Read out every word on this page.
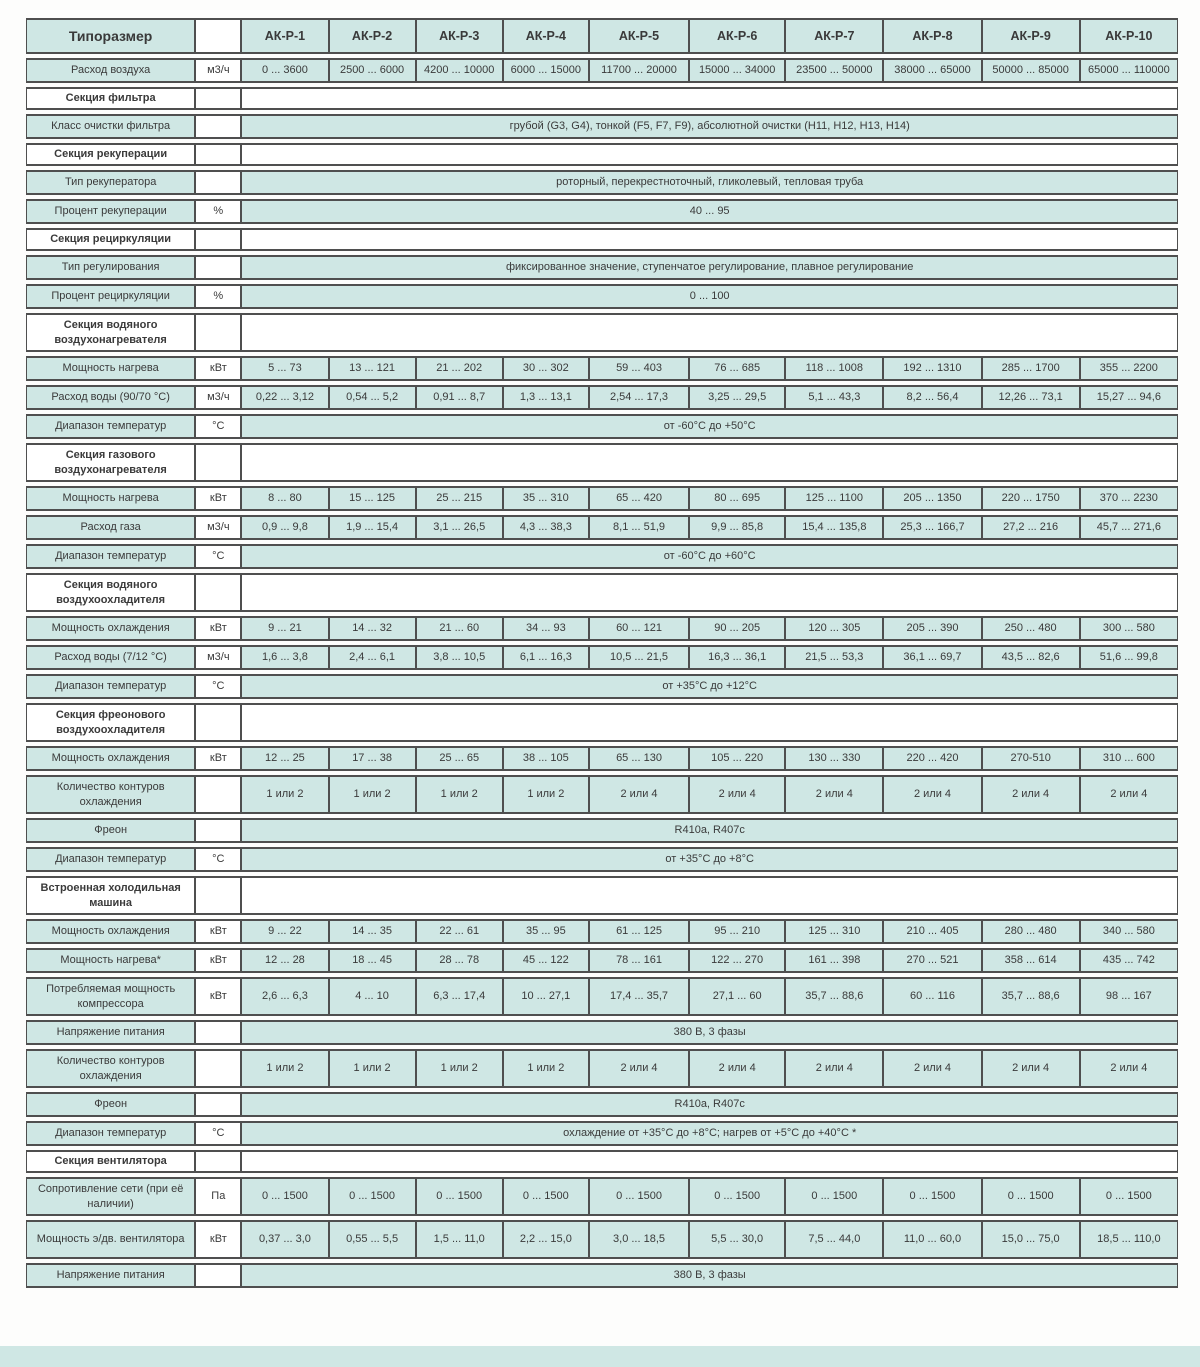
Типоразмер		АК-Р-1	АК-Р-2	АК-Р-3	АК-Р-4	АК-Р-5	АК-Р-6	АК-Р-7	АК-Р-8	АК-Р-9	АК-Р-10
Расход воздуха	м3/ч	0 ... 3600	2500 ... 6000	4200 ... 10000	6000 ... 15000	11700 ... 20000	15000 ... 34000	23500 ... 50000	38000 ... 65000	50000 ... 85000	65000 ... 110000
Секция фильтра											
Класс очистки фильтра		грубой (G3, G4), тонкой (F5, F7, F9), абсолютной очистки (H11, H12, H13, H14)									
Секция рекуперации											
Тип рекуператора		роторный, перекрестноточный, гликолевый, тепловая труба									
Процент рекуперации	%	40 ... 95									
Секция рециркуляции											
Тип регулирования		фиксированное значение, ступенчатое регулирование, плавное регулирование									
Процент рециркуляции	%	0 ... 100									
Секция водяного воздухонагревателя											
Мощность нагрева	кВт	5 ... 73	13 ... 121	21 ... 202	30 ... 302	59 ... 403	76 ... 685	118 ... 1008	192 ... 1310	285 ... 1700	355 ... 2200
Расход воды (90/70 °С)	м3/ч	0,22 ... 3,12	0,54 ... 5,2	0,91 ... 8,7	1,3 ... 13,1	2,54 ... 17,3	3,25 ... 29,5	5,1 ... 43,3	8,2 ... 56,4	12,26 ... 73,1	15,27 ... 94,6
Диапазон температур	°С	от -60°С до +50°С									
Секция газового воздухонагревателя											
Мощность нагрева	кВт	8 ... 80	15 ... 125	25 ... 215	35 ... 310	65 ... 420	80 ... 695	125 ... 1100	205 ... 1350	220 ... 1750	370 ... 2230
Расход газа	м3/ч	0,9 ... 9,8	1,9 ... 15,4	3,1 ... 26,5	4,3 ... 38,3	8,1 ... 51,9	9,9 ... 85,8	15,4 ... 135,8	25,3 ... 166,7	27,2 ... 216	45,7 ... 271,6
Диапазон температур	°С	от -60°С до +60°С									
Секция водяного воздухоохладителя											
Мощность охлаждения	кВт	9 ... 21	14 ... 32	21 ... 60	34 ... 93	60 ... 121	90 ... 205	120 ... 305	205 ... 390	250 ... 480	300 ... 580
Расход воды (7/12 °С)	м3/ч	1,6 ... 3,8	2,4 ... 6,1	3,8 ... 10,5	6,1 ... 16,3	10,5 ... 21,5	16,3 ... 36,1	21,5 ... 53,3	36,1 ... 69,7	43,5 ... 82,6	51,6 ... 99,8
Диапазон температур	°С	от +35°С до +12°С									
Секция фреонового воздухоохладителя											
Мощность охлаждения	кВт	12 ... 25	17 ... 38	25 ... 65	38 ... 105	65 ... 130	105 ... 220	130 ... 330	220 ... 420	270-510	310 ... 600
Количество контуров охлаждения		1 или 2	1 или 2	1 или 2	1 или 2	2 или 4	2 или 4	2 или 4	2 или 4	2 или 4	2 или 4
Фреон		R410a, R407c									
Диапазон температур	°С	от +35°С до +8°С									
Встроенная холодильная машина											
Мощность охлаждения	кВт	9 ... 22	14 ... 35	22 ... 61	35 ... 95	61 ... 125	95 ... 210	125 ... 310	210 ... 405	280 ... 480	340 ... 580
Мощность нагрева*	кВт	12 ... 28	18 ... 45	28 ... 78	45 ... 122	78 ... 161	122 ... 270	161 ... 398	270 ... 521	358 ... 614	435 ... 742
Потребляемая мощность компрессора	кВт	2,6 ... 6,3	4 ... 10	6,3 ... 17,4	10 ... 27,1	17,4 ... 35,7	27,1 ... 60	35,7 ... 88,6	60 ... 116	35,7 ... 88,6	98 ... 167
Напряжение питания		380 В, 3 фазы									
Количество контуров охлаждения		1 или 2	1 или 2	1 или 2	1 или 2	2 или 4	2 или 4	2 или 4	2 или 4	2 или 4	2 или 4
Фреон		R410a, R407c									
Диапазон температур	°С	охлаждение от +35°С до +8°С; нагрев от +5°С до +40°С *									
Секция вентилятора											
Сопротивление сети (при её наличии)	Па	0 ... 1500	0 ... 1500	0 ... 1500	0 ... 1500	0 ... 1500	0 ... 1500	0 ... 1500	0 ... 1500	0 ... 1500	0 ... 1500
Мощность э/дв. вентилятора	кВт	0,37 ... 3,0	0,55 ... 5,5	1,5 ... 11,0	2,2 ... 15,0	3,0 ... 18,5	5,5 ... 30,0	7,5 ... 44,0	11,0 ... 60,0	15,0 ... 75,0	18,5 ... 110,0
Напряжение питания		380 В, 3 фазы									
